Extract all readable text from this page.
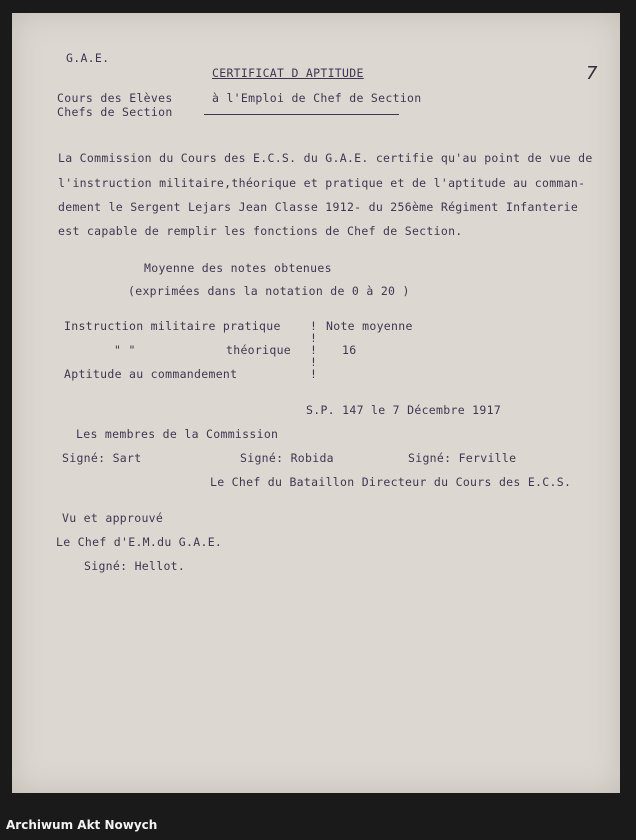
7
G.A.E.
CERTIFICAT D APTITUDE
Cours des Elèves	à l'Emploi de Chef de Section
Chefs de Section
La Commission du Cours des E.C.S. du G.A.E. certifie qu'au point de vue de
l'instruction militaire,théorique et pratique et de l'aptitude au comman-
dement le Sergent Lejars Jean Classe 1912- du 256ème Régiment Infanterie
est capable de remplir les fonctions de Chef de Section.
Moyenne des notes obtenues
(exprimées dans la notation de 0 à 20 )
Instruction militaire pratique	! Note moyenne
!
" "	théorique ! 16
!
Aptitude au commandement	!
S.P. 147 le 7 Décembre 1917
Les membres de la Commission
Signé: Sart	Signé: Robida	Signé: Ferville
Le Chef du Bataillon Directeur du Cours des E.C.S.
Vu et approuvé
Le Chef d'E.M.du G.A.E.
Signé: Hellot.
Archiwum Akt Nowych
